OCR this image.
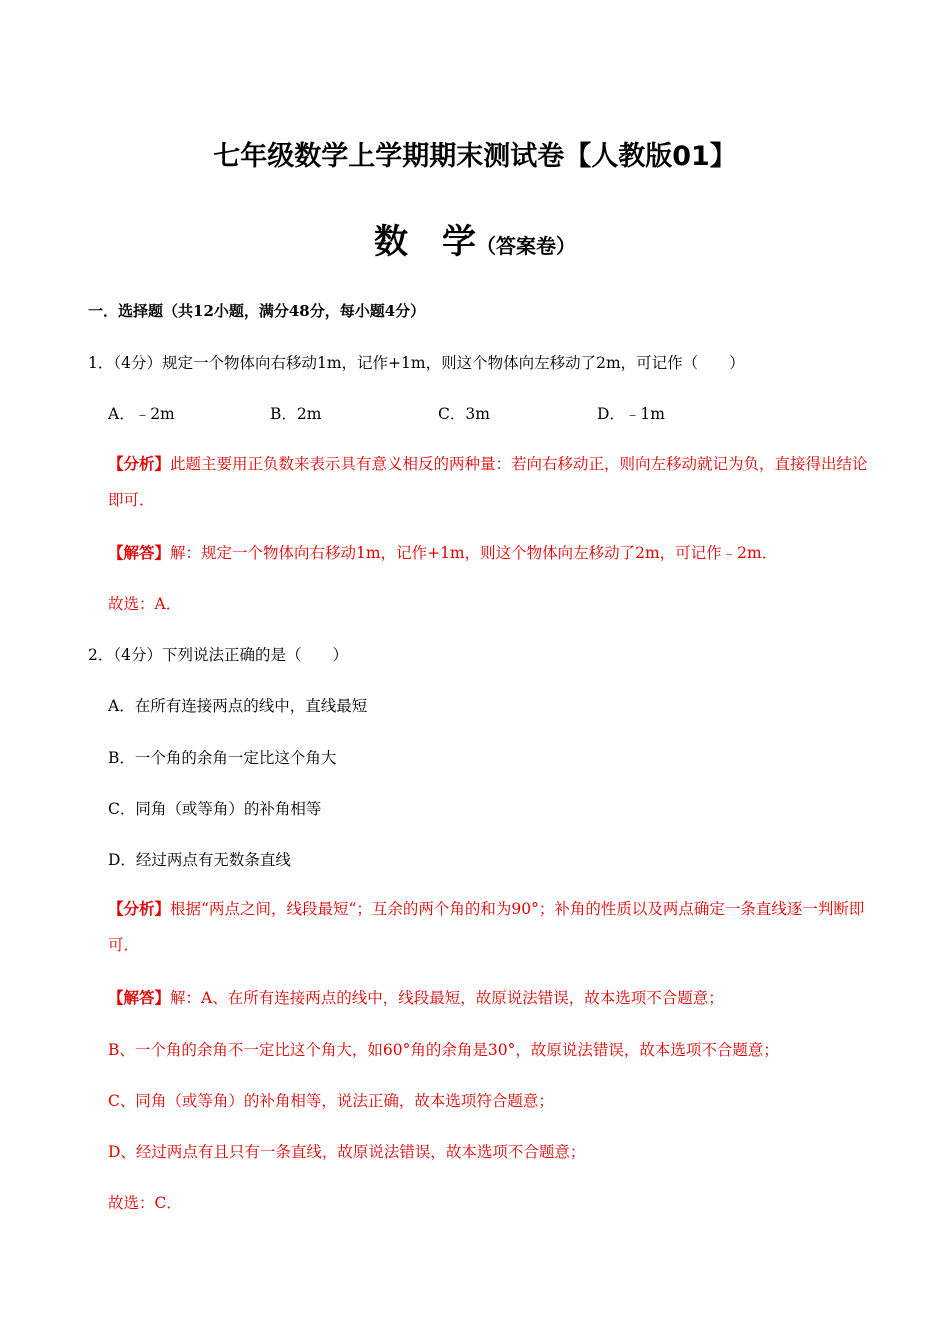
七年级数学上学期期末测试卷【人教版01】
数　学（答案卷）
一．选择题（共12小题，满分48分，每小题4分）
1．（4分）规定一个物体向右移动1m，记作+1m，则这个物体向左移动了2m，可记作（　　）
A．﹣2m	B．2m	C．3m	D．﹣1m
【分析】此题主要用正负数来表示具有意义相反的两种量：若向右移动正，则向左移动就记为负，直接得出结论即可．
【解答】解：规定一个物体向右移动1m，记作+1m，则这个物体向左移动了2m，可记作﹣2m．
故选：A．
2．（4分）下列说法正确的是（　　）
A．在所有连接两点的线中，直线最短
B．一个角的余角一定比这个角大
C．同角（或等角）的补角相等
D．经过两点有无数条直线
【分析】根据“两点之间，线段最短“；互余的两个角的和为90°；补角的性质以及两点确定一条直线逐一判断即可．
【解答】解：A、在所有连接两点的线中，线段最短，故原说法错误，故本选项不合题意；
B、一个角的余角不一定比这个角大，如60°角的余角是30°，故原说法错误，故本选项不合题意；
C、同角（或等角）的补角相等，说法正确，故本选项符合题意；
D、经过两点有且只有一条直线，故原说法错误，故本选项不合题意；
故选：C．
